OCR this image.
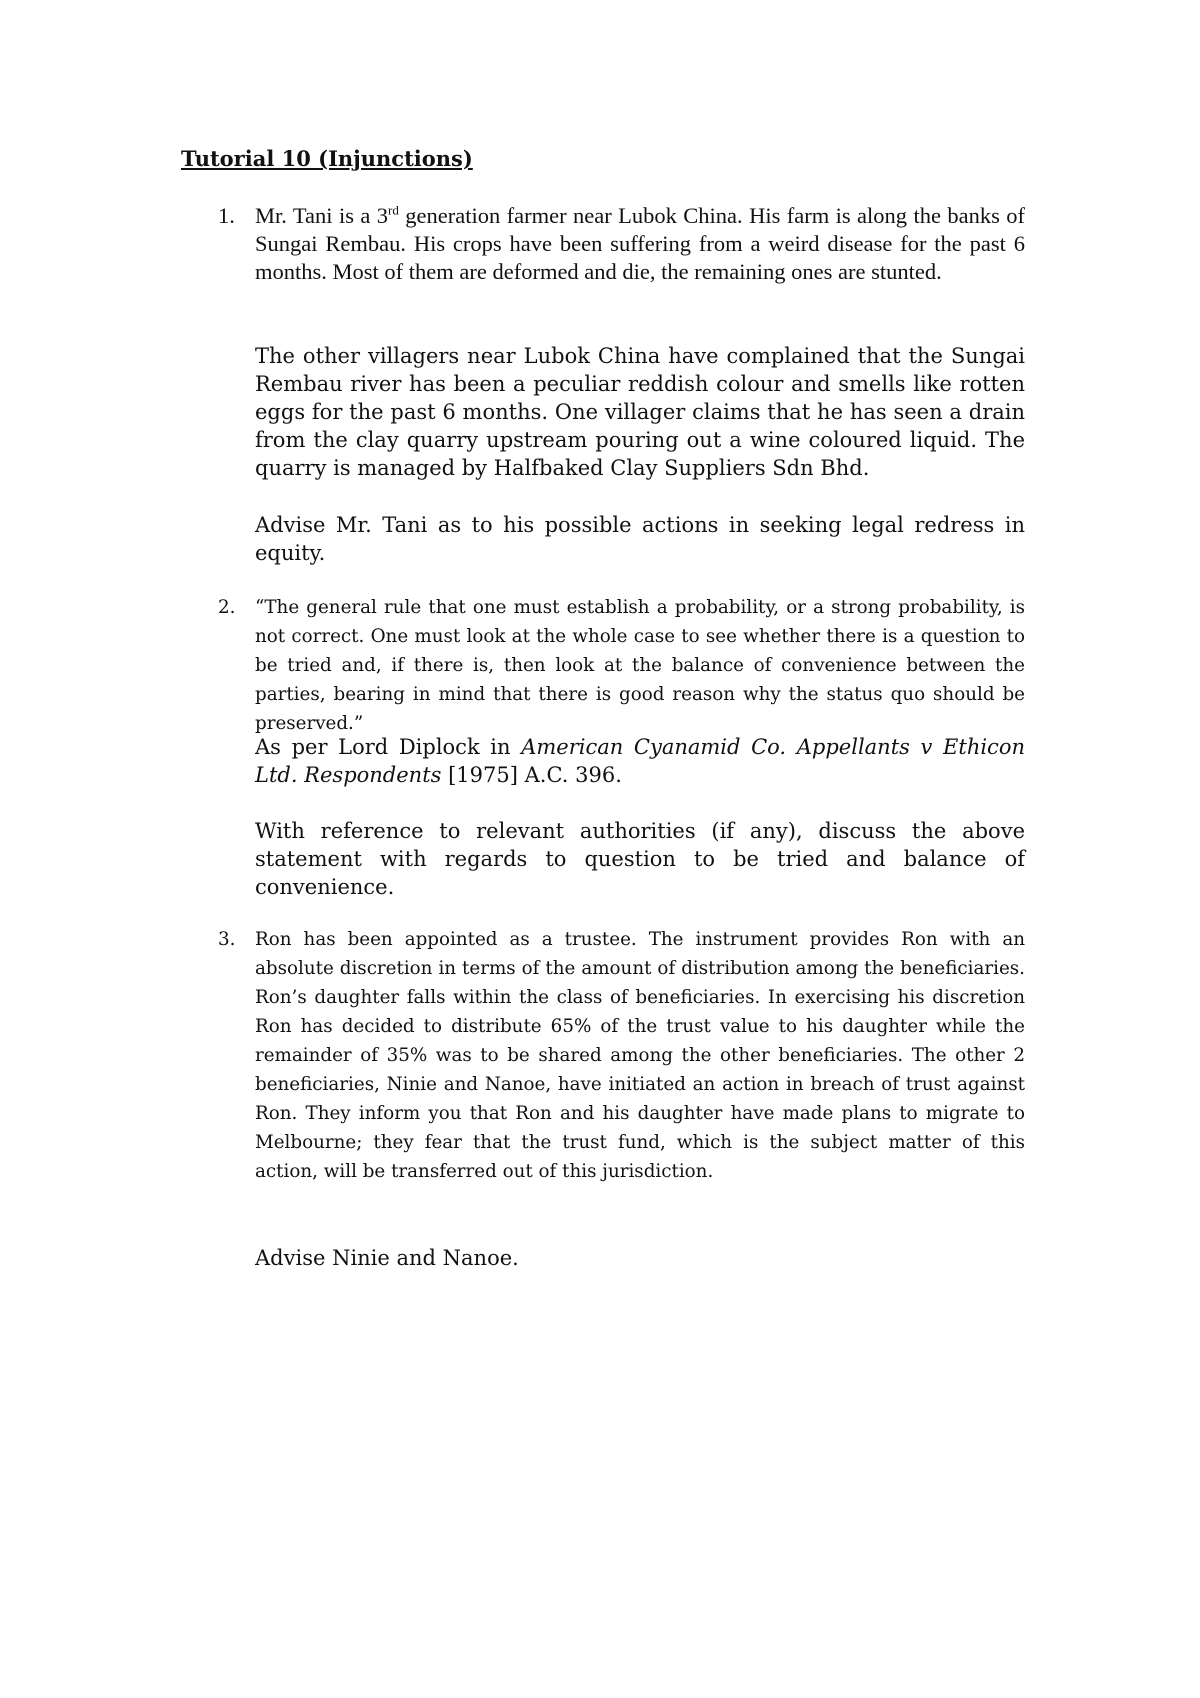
Tutorial 10 (Injunctions)
1. Mr. Tani is a 3rd generation farmer near Lubok China. His farm is along the banks of Sungai Rembau. His crops have been suffering from a weird disease for the past 6 months. Most of them are deformed and die, the remaining ones are stunted.
The other villagers near Lubok China have complained that the Sungai Rembau river has been a peculiar reddish colour and smells like rotten eggs for the past 6 months. One villager claims that he has seen a drain from the clay quarry upstream pouring out a wine coloured liquid. The quarry is managed by Halfbaked Clay Suppliers Sdn Bhd.
Advise Mr. Tani as to his possible actions in seeking legal redress in equity.
2. “The general rule that one must establish a probability, or a strong probability, is not correct. One must look at the whole case to see whether there is a question to be tried and, if there is, then look at the balance of convenience between the parties, bearing in mind that there is good reason why the status quo should be preserved.”
As per Lord Diplock in American Cyanamid Co. Appellants v Ethicon Ltd. Respondents [1975] A.C. 396.
With reference to relevant authorities (if any), discuss the above statement with regards to question to be tried and balance of convenience.
3. Ron has been appointed as a trustee. The instrument provides Ron with an absolute discretion in terms of the amount of distribution among the beneficiaries. Ron’s daughter falls within the class of beneficiaries. In exercising his discretion Ron has decided to distribute 65% of the trust value to his daughter while the remainder of 35% was to be shared among the other beneficiaries. The other 2 beneficiaries, Ninie and Nanoe, have initiated an action in breach of trust against Ron. They inform you that Ron and his daughter have made plans to migrate to Melbourne; they fear that the trust fund, which is the subject matter of this action, will be transferred out of this jurisdiction.
Advise Ninie and Nanoe.
